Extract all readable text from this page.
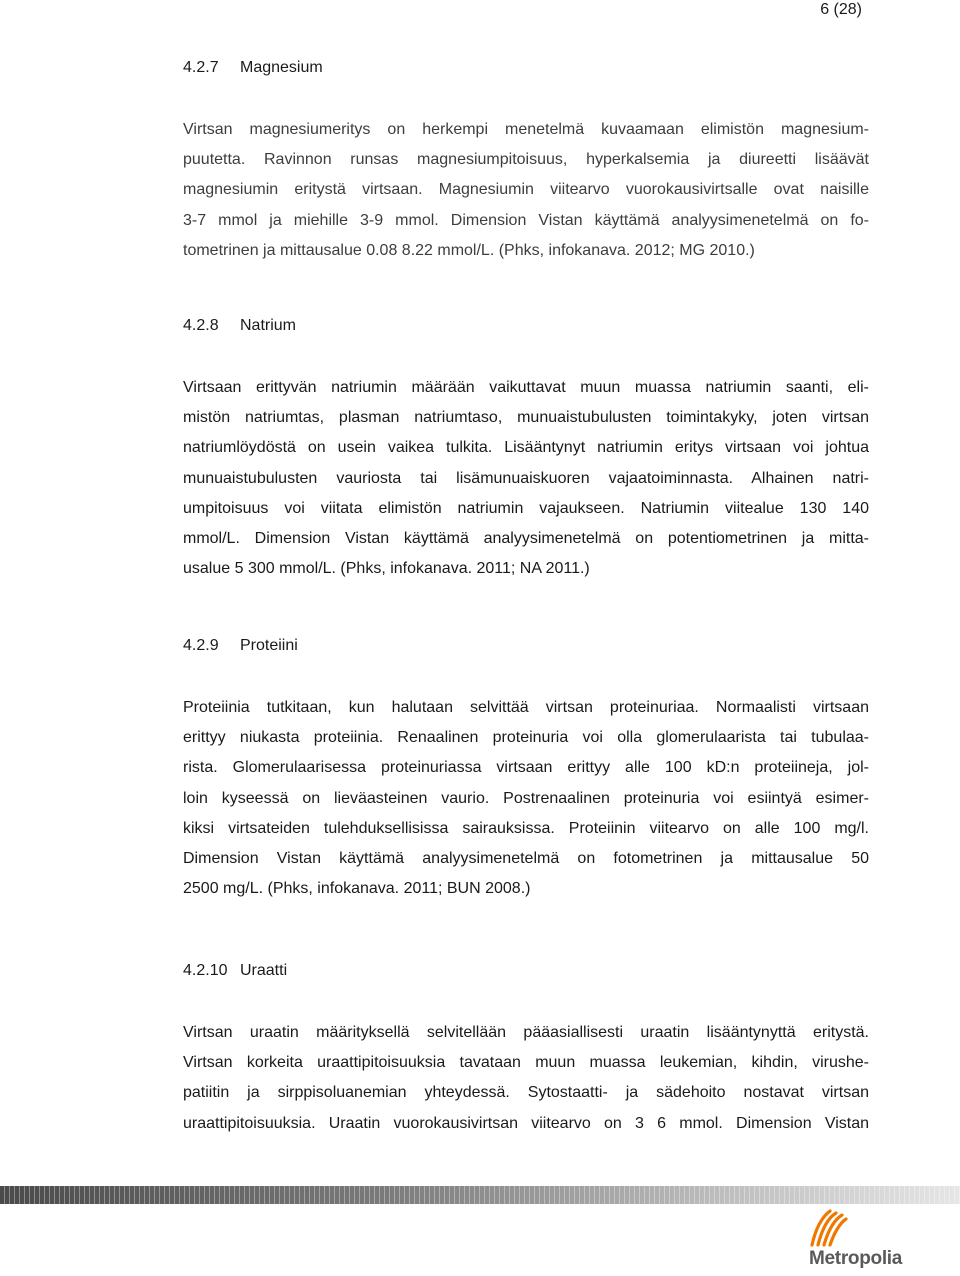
6 (28)
4.2.7 Magnesium
Virtsan magnesiumeritys on herkempi menetelmä kuvaamaan elimistön magnesium-
puutetta. Ravinnon runsas magnesiumpitoisuus, hyperkalsemia ja diureetti lisäävät
magnesiumin eritystä virtsaan. Magnesiumin viitearvo vuorokausivirtsalle ovat naisille
3-7 mmol ja miehille 3-9 mmol. Dimension Vistan käyttämä analyysimenetelmä on fo-
tometrinen ja mittausalue 0.08 8.22 mmol/L. (Phks, infokanava. 2012; MG 2010.)
4.2.8 Natrium
Virtsaan erittyvän natriumin määrään vaikuttavat muun muassa natriumin saanti, eli-
mistön natriumtas, plasman natriumtaso, munuaistubulusten toimintakyky, joten virtsan
natriumlöydöstä on usein vaikea tulkita. Lisääntynyt natriumin eritys virtsaan voi johtua
munuaistubulusten vauriosta tai lisämunuaiskuoren vajaatoiminnasta. Alhainen natri-
umpitoisuus voi viitata elimistön natriumin vajaukseen. Natriumin viitealue 130 140
mmol/L. Dimension Vistan käyttämä analyysimenetelmä on potentiometrinen ja mitta-
usalue 5 300 mmol/L. (Phks, infokanava. 2011; NA 2011.)
4.2.9 Proteiini
Proteiinia tutkitaan, kun halutaan selvittää virtsan proteinuriaa. Normaalisti virtsaan
erittyy niukasta proteiinia. Renaalinen proteinuria voi olla glomerulaarista tai tubulaa-
rista. Glomerulaarisessa proteinuriassa virtsaan erittyy alle 100 kD:n proteiineja, jol-
loin kyseessä on lieväasteinen vaurio. Postrenaalinen proteinuria voi esiintyä esimer-
kiksi virtsateiden tulehduksellisissa sairauksissa. Proteiinin viitearvo on alle 100 mg/l.
Dimension Vistan käyttämä analyysimenetelmä on fotometrinen ja mittausalue 50
2500 mg/L. (Phks, infokanava. 2011; BUN 2008.)
4.2.10 Uraatti
Virtsan uraatin määrityksellä selvitellään pääasiallisesti uraatin lisääntynyttä eritystä.
Virtsan korkeita uraattipitoisuuksia tavataan muun muassa leukemian, kihdin, virushe-
patiitin ja sirppisoluanemian yhteydessä. Sytostaatti- ja sädehoito nostavat virtsan
uraattipitoisuuksia. Uraatin vuorokausivirtsan viitearvo on 3 6 mmol. Dimension Vistan
Metropolia
